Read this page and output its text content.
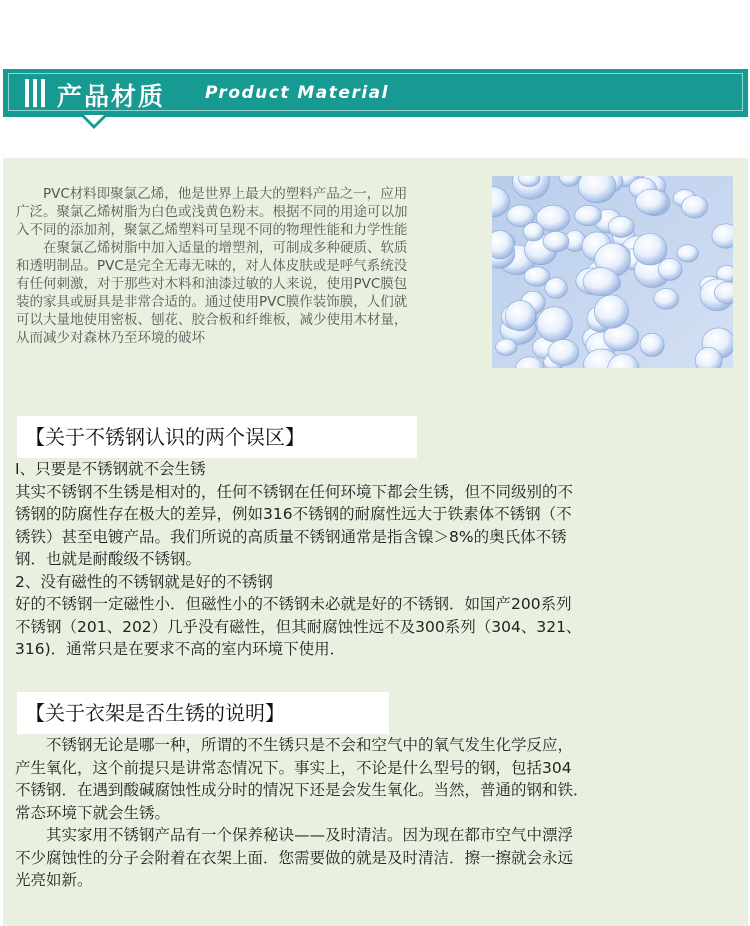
产品材质 Product Material

　　PVC材料即聚氯乙烯，他是世界上最大的塑料产品之一，应用

广泛。聚氯乙烯树脂为白色或浅黄色粉末。根据不同的用途可以加

入不同的添加剂，聚氯乙烯塑料可呈现不同的物理性能和力学性能

　　在聚氯乙烯树脂中加入适量的增塑剂，可制成多种硬质、软质

和透明制品。PVC是完全无毒无味的，对人体皮肤或是呼气系统没

有任何刺激，对于那些对木料和油漆过敏的人来说，使用PVC膜包

装的家具或厨具是非常合适的。通过使用PVC膜作装饰膜，人们就

可以大量地使用密板、刨花、胶合板和纤维板，减少使用木材量，

从而减少对森林乃至环境的破坏

【关于不锈钢认识的两个误区】
I、只要是不锈钢就不会生锈
其实不锈钢不生锈是相对的，任何不锈钢在任何环境下都会生锈，但不同级别的不
锈钢的防腐性存在极大的差异，例如316不锈钢的耐腐性远大于铁素体不锈钢（不
锈铁）甚至电镀产品。我们所说的高质量不锈钢通常是指含镍＞8%的奥氏体不锈
钢．也就是耐酸级不锈钢。
2、没有磁性的不锈钢就是好的不锈钢
好的不锈钢一定磁性小．但磁性小的不锈钢未必就是好的不锈钢．如国产200系列
不锈钢（201、202）几乎没有磁性，但其耐腐蚀性远不及300系列（304、321、
316)．通常只是在要求不高的室内环境下使用．
【关于衣架是否生锈的说明】
　　不锈钢无论是哪一种，所谓的不生锈只是不会和空气中的氧气发生化学反应，
产生氧化，这个前提只是讲常态情况下。事实上，不论是什么型号的钢，包括304
不锈钢．在遇到酸碱腐蚀性成分时的情况下还是会发生氧化。当然，普通的钢和铁．
常态环境下就会生锈。
　　其实家用不锈钢产品有一个保养秘诀——及时清洁。因为现在都市空气中漂浮
不少腐蚀性的分子会附着在衣架上面．您需要做的就是及时清洁．擦一擦就会永远
光亮如新。
